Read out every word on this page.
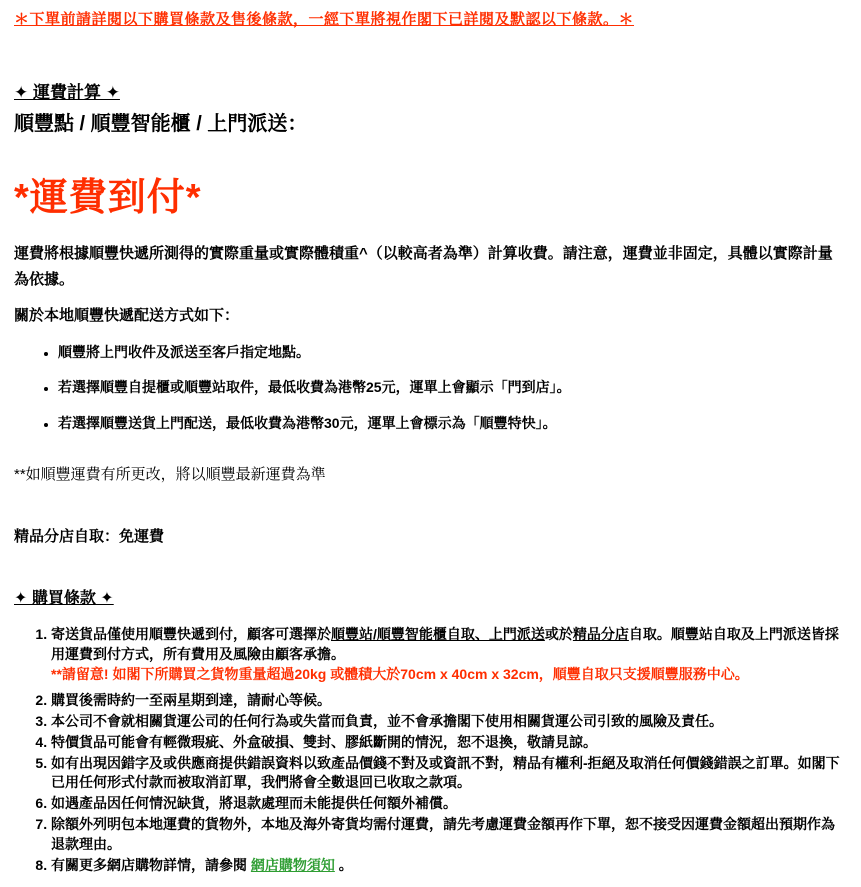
＊下單前請詳閱以下購買條款及售後條款，一經下單將視作閣下已詳閱及默認以下條款。＊
✦ 運費計算 ✦
順豐點 / 順豐智能櫃 / 上門派送：
*運費到付*

運費將根據順豐快遞所測得的實際重量或實際體積重^（以較高者為準）計算收費。請注意，運費並非固定，具體以實際計量為依據。

關於本地順豐快遞配送方式如下：

• 順豐將上門收件及派送至客戶指定地點。
• 若選擇順豐自提櫃或順豐站取件，最低收費為港幣25元，運單上會顯示「門到店」。
• 若選擇順豐送貨上門配送，最低收費為港幣30元，運單上會標示為「順豐特快」。

**如順豐運費有所更改，將以順豐最新運費為準

精品分店自取：免運費

✦ 購買條款 ✦
1. 寄送貨品僅使用順豐快遞到付，顧客可選擇於順豐站/順豐智能櫃自取、上門派送或於精品分店自取。順豐站自取及上門派送皆採用運費到付方式，所有費用及風險由顧客承擔。
**請留意! 如閣下所購買之貨物重量超過20kg 或體積大於70cm x 40cm x 32cm，順豐自取只支援順豐服務中心。
2. 購買後需時約一至兩星期到達，請耐心等候。
3. 本公司不會就相關貨運公司的任何行為或失當而負責，並不會承擔閣下使用相關貨運公司引致的風險及責任。
4. 特價貨品可能會有輕微瑕疵、外盒破損、雙封、膠紙斷開的情況，恕不退換，敬請見諒。
5. 如有出現因錯字及或供應商提供錯誤資料以致產品價錢不對及或資訊不對，精品有權利-拒絕及取消任何價錢錯誤之訂單。如閣下已用任何形式付款而被取消訂單，我們將會全數退回已收取之款項。
6. 如遇產品因任何情況缺貨，將退款處理而未能提供任何額外補償。
7. 除額外列明包本地運費的貨物外，本地及海外寄貨均需付運費，請先考慮運費金額再作下單，恕不接受因運費金額超出預期作為退款理由。
8. 有關更多網店購物詳情，請參閱 網店購物須知 。
